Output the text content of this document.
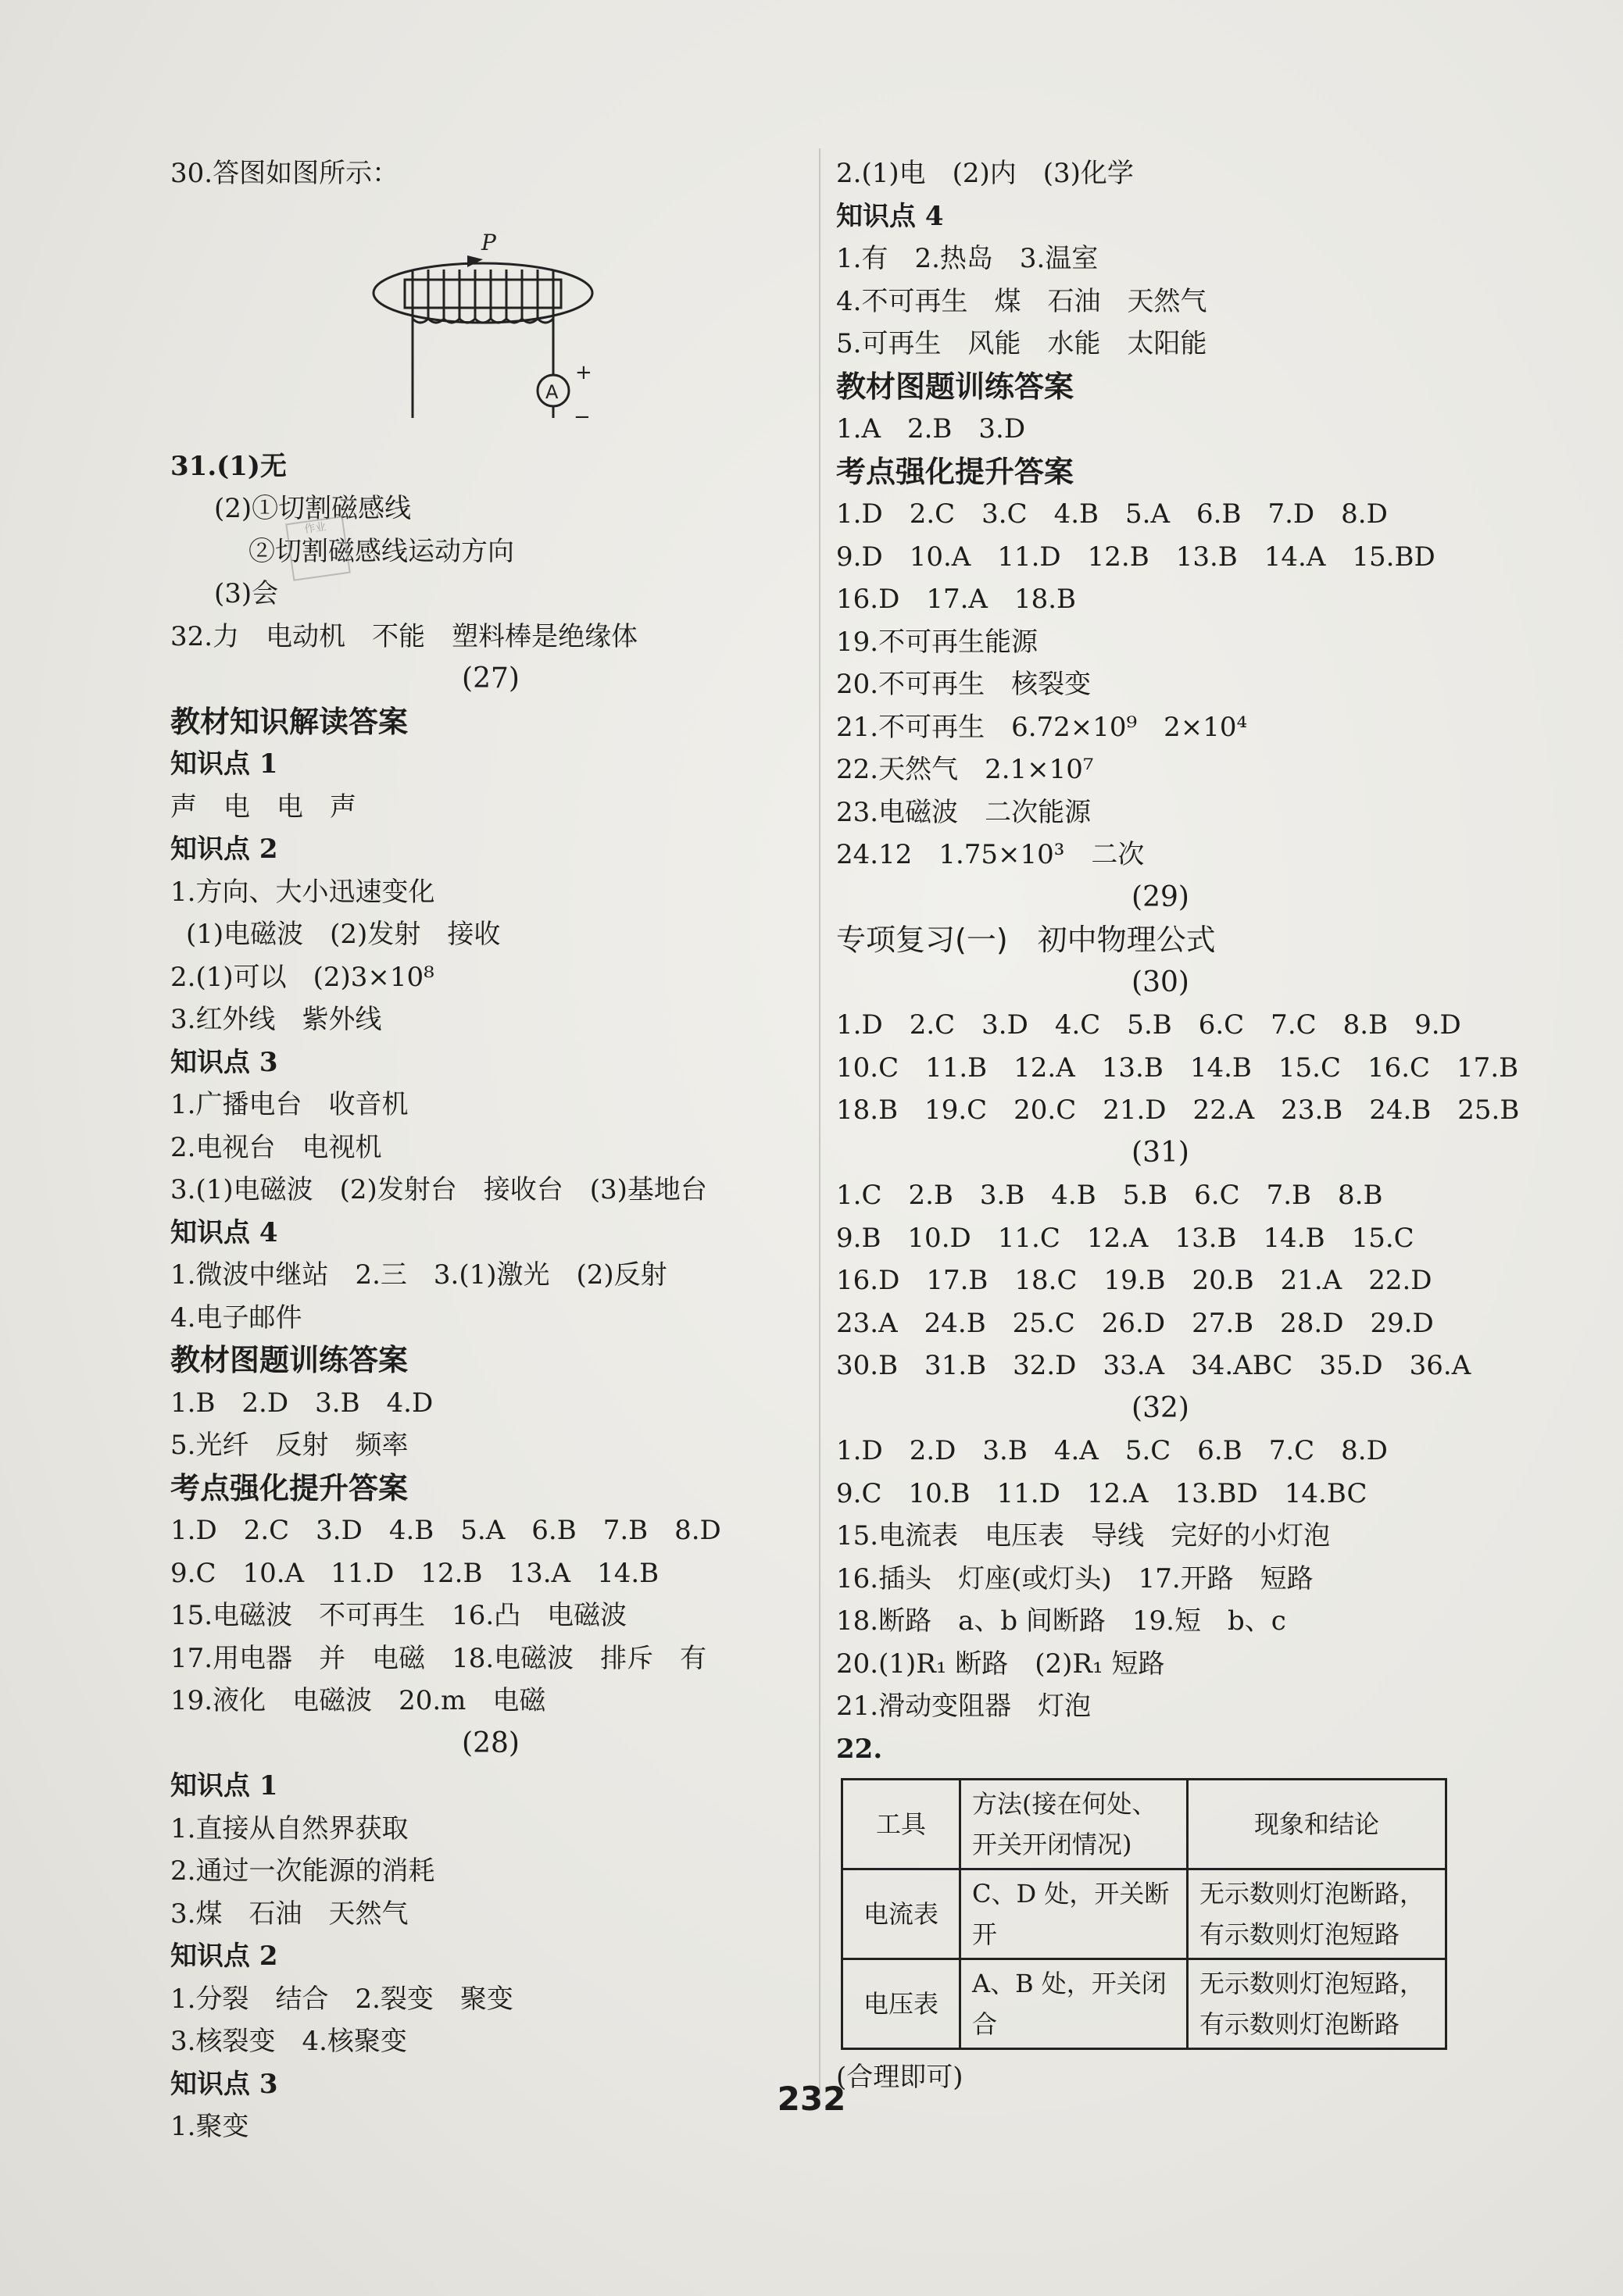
30.答图如图所示：
P
A
+
−
31.(1)无
(2)①切割磁感线
②切割磁感线运动方向
(3)会
32.力　电动机　不能　塑料棒是绝缘体
(27)
教材知识解读答案
知识点 1
声　电　电　声
知识点 2
1.方向、大小迅速变化
(1)电磁波　(2)发射　接收
2.(1)可以　(2)3×10⁸
3.红外线　紫外线
知识点 3
1.广播电台　收音机
2.电视台　电视机
3.(1)电磁波　(2)发射台　接收台　(3)基地台
知识点 4
1.微波中继站　2.三　3.(1)激光　(2)反射
4.电子邮件
教材图题训练答案
1.B　2.D　3.B　4.D
5.光纤　反射　频率
考点强化提升答案
1.D　2.C　3.D　4.B　5.A　6.B　7.B　8.D
9.C　10.A　11.D　12.B　13.A　14.B
15.电磁波　不可再生　16.凸　电磁波
17.用电器　并　电磁　18.电磁波　排斥　有
19.液化　电磁波　20.m　电磁
(28)
知识点 1
1.直接从自然界获取
2.通过一次能源的消耗
3.煤　石油　天然气
知识点 2
1.分裂　结合　2.裂变　聚变
3.核裂变　4.核聚变
知识点 3
1.聚变
作业
2.(1)电　(2)内　(3)化学
知识点 4
1.有　2.热岛　3.温室
4.不可再生　煤　石油　天然气
5.可再生　风能　水能　太阳能
教材图题训练答案
1.A　2.B　3.D
考点强化提升答案
1.D　2.C　3.C　4.B　5.A　6.B　7.D　8.D
9.D　10.A　11.D　12.B　13.B　14.A　15.BD
16.D　17.A　18.B
19.不可再生能源
20.不可再生　核裂变
21.不可再生　6.72×10⁹　2×10⁴
22.天然气　2.1×10⁷
23.电磁波　二次能源
24.12　1.75×10³　二次
(29)
专项复习(一)　初中物理公式
(30)
1.D　2.C　3.D　4.C　5.B　6.C　7.C　8.B　9.D
10.C　11.B　12.A　13.B　14.B　15.C　16.C　17.B
18.B　19.C　20.C　21.D　22.A　23.B　24.B　25.B
(31)
1.C　2.B　3.B　4.B　5.B　6.C　7.B　8.B
9.B　10.D　11.C　12.A　13.B　14.B　15.C
16.D　17.B　18.C　19.B　20.B　21.A　22.D
23.A　24.B　25.C　26.D　27.B　28.D　29.D
30.B　31.B　32.D　33.A　34.ABC　35.D　36.A
(32)
1.D　2.D　3.B　4.A　5.C　6.B　7.C　8.D
9.C　10.B　11.D　12.A　13.BD　14.BC
15.电流表　电压表　导线　完好的小灯泡
16.插头　灯座(或灯头)　17.开路　短路
18.断路　a、b 间断路　19.短　b、c
20.(1)R₁ 断路　(2)R₁ 短路
21.滑动变阻器　灯泡
22.
工具	方法(接在何处、开关开闭情况)	现象和结论
电流表	C、D 处，开关断开	无示数则灯泡断路，有示数则灯泡短路
电压表	A、B 处，开关闭合	无示数则灯泡短路，有示数则灯泡断路
(合理即可)
232
